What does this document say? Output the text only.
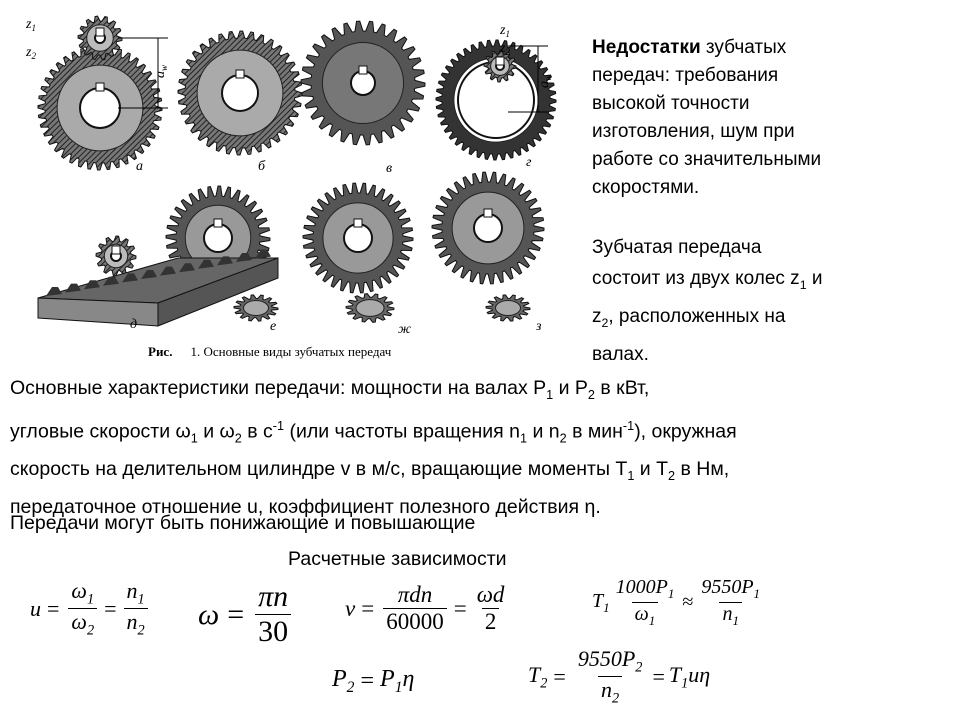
$z_1$
$z_2$
$a_w$
$z_1$
$z_2$
$a_w$
а	б	в	г
д	е	ж	з
Рис. 1. Основные виды зубчатых передач
Недостатки зубчатых
передач: требования
высокой точности
изготовления, шум при
работе со значительными
скоростями.
Зубчатая передача
состоит из двух колес $z_1$ и
$z_2$, расположенных на
валах.
Основные характеристики передачи: мощности на валах $Р_1$ и $Р_2$ в кВт,
угловые скорости $\omega_1$ и $\omega_2$ в $с^{-1}$ (или частоты вращения $n_1$ и $n_2$ в мин$^{-1}$), окружная
скорость на делительном цилиндре v в м/с, вращающие моменты $Т_1$ и $Т_2$ в Нм,
передаточное отношение u, коэффициент полезного действия η.
Передачи могут быть понижающие и повышающие
Расчетные зависимости
$u = \frac{\omega_1}{\omega_2} = \frac{n_1}{n_2}$ $\omega = \frac{\pi n}{30}$ $v = \frac{\text{πdn}}{60000} = \frac{\omega d}{2}$	$T_1 \frac{1000P_1}{\omega_1} \approx \frac{9550P_1}{n_1}$
$P_2 = P_1\eta$	$T_2 = \frac{9550P_2}{n_2} = T_1u\eta$
